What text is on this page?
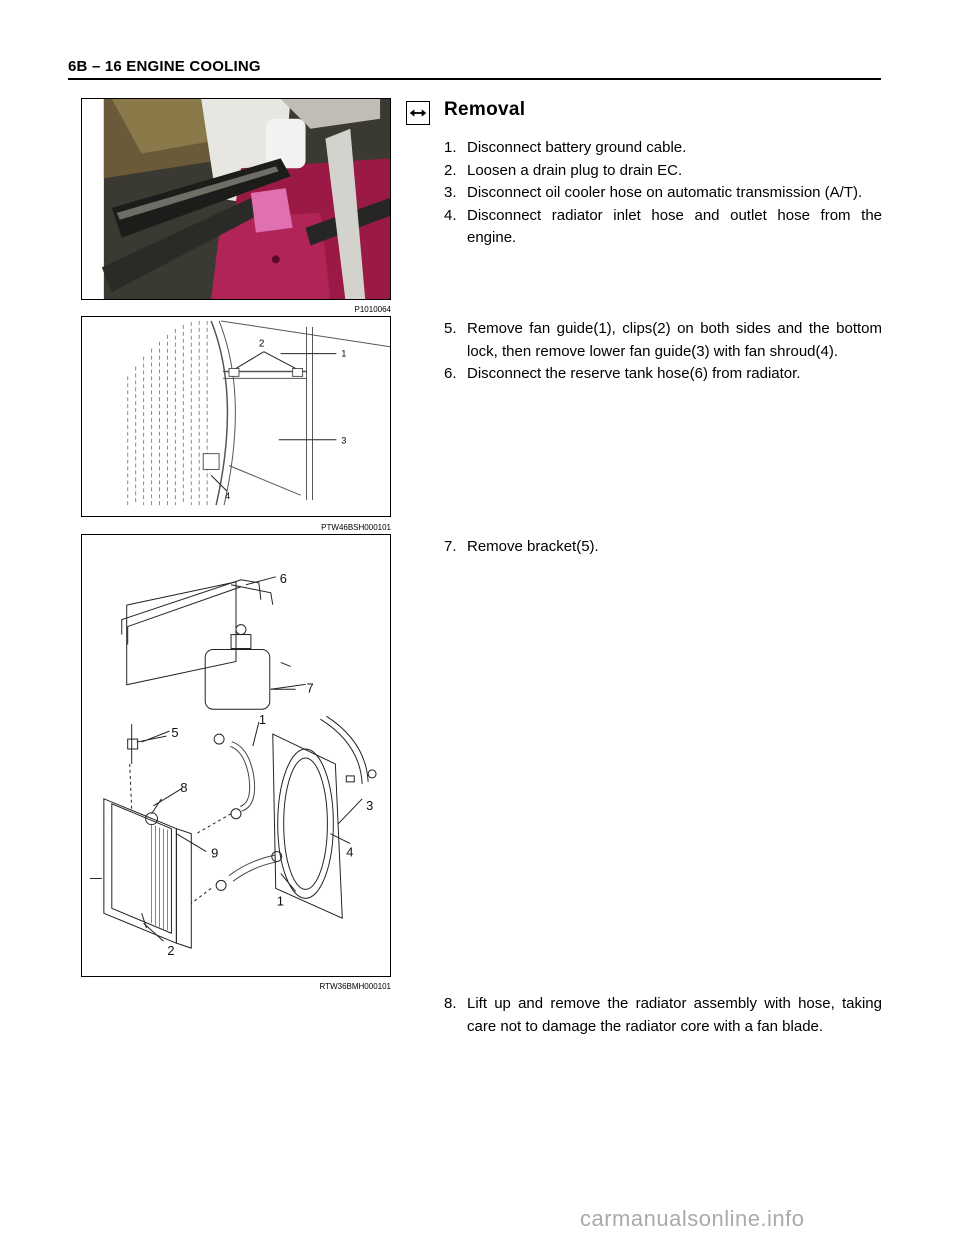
6B – 16 ENGINE COOLING
P1010064
2
1
3
4
PTW46BSH000101
6
7
1
5
8
3
9	4
1
2
RTW36BMH000101
Removal
1. Disconnect battery ground cable.
2. Loosen a drain plug to drain EC.
3. Disconnect oil cooler hose on automatic transmission (A/T).
4. Disconnect radiator inlet hose and outlet hose from the engine.
5. Remove fan guide(1), clips(2) on both sides and the bottom lock, then remove lower fan guide(3) with fan shroud(4).
6. Disconnect the reserve tank hose(6) from radiator.
7. Remove bracket(5).
8. Lift up and remove the radiator assembly with hose, taking care not to damage the radiator core with a fan blade.
carmanualsonline.info
